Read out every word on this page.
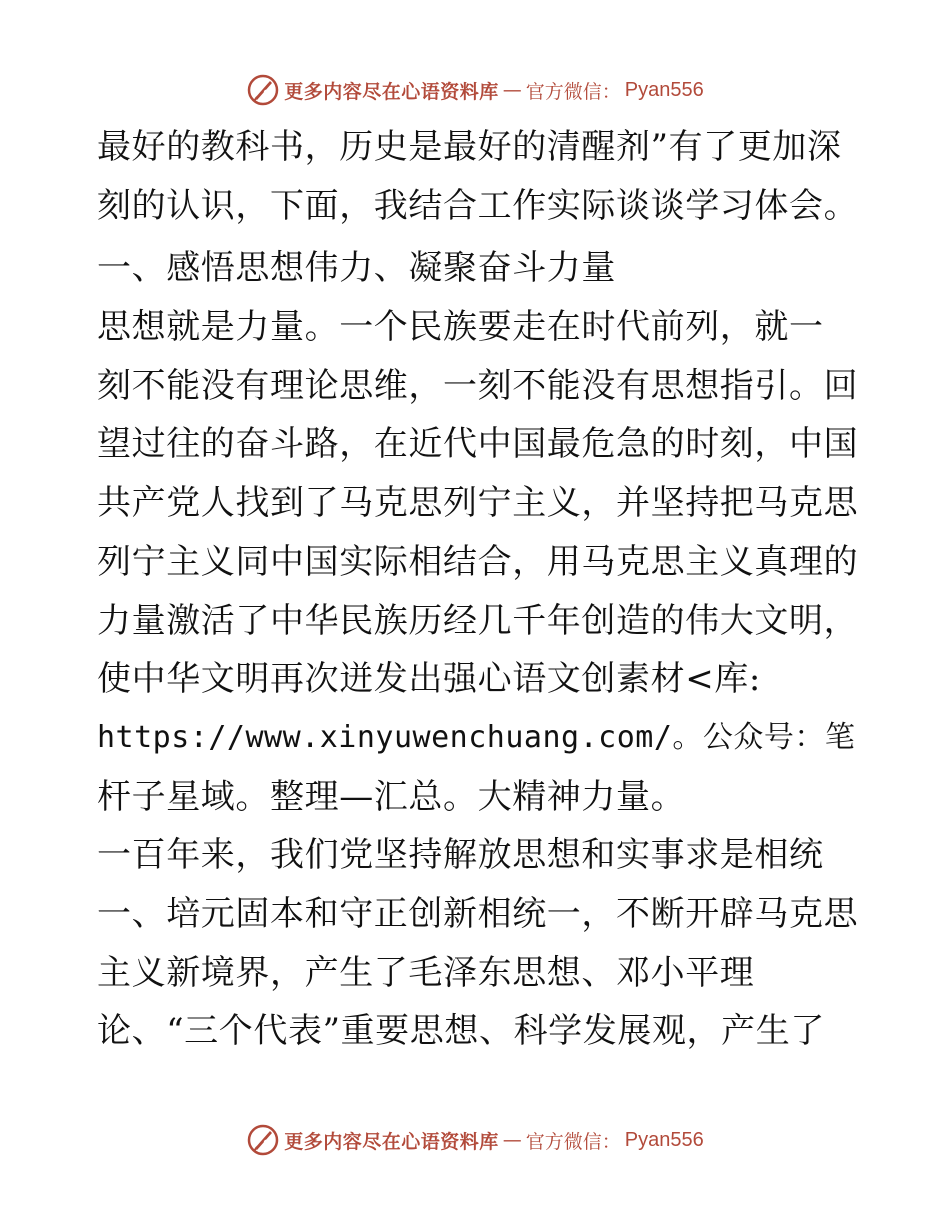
更多内容尽在心语资料库 — 官方微信： Pyan556
最好的教科书，历史是最好的清醒剂”有了更加深
刻的认识，下面，我结合工作实际谈谈学习体会。
一、感悟思想伟力、凝聚奋斗力量
思想就是力量。一个民族要走在时代前列，就一
刻不能没有理论思维，一刻不能没有思想指引。回
望过往的奋斗路，在近代中国最危急的时刻，中国
共产党人找到了马克思列宁主义，并坚持把马克思
列宁主义同中国实际相结合，用马克思主义真理的
力量激活了中华民族历经几千年创造的伟大文明，
使中华文明再次迸发出强心语文创素材<库:
https://www.xinyuwenchuang.com/。公众号：笔
杆子星域。整理—汇总。大精神力量。
一百年来，我们党坚持解放思想和实事求是相统
一、培元固本和守正创新相统一，不断开辟马克思
主义新境界，产生了毛泽东思想、邓小平理
论、“三个代表”重要思想、科学发展观，产生了
更多内容尽在心语资料库 — 官方微信： Pyan556
